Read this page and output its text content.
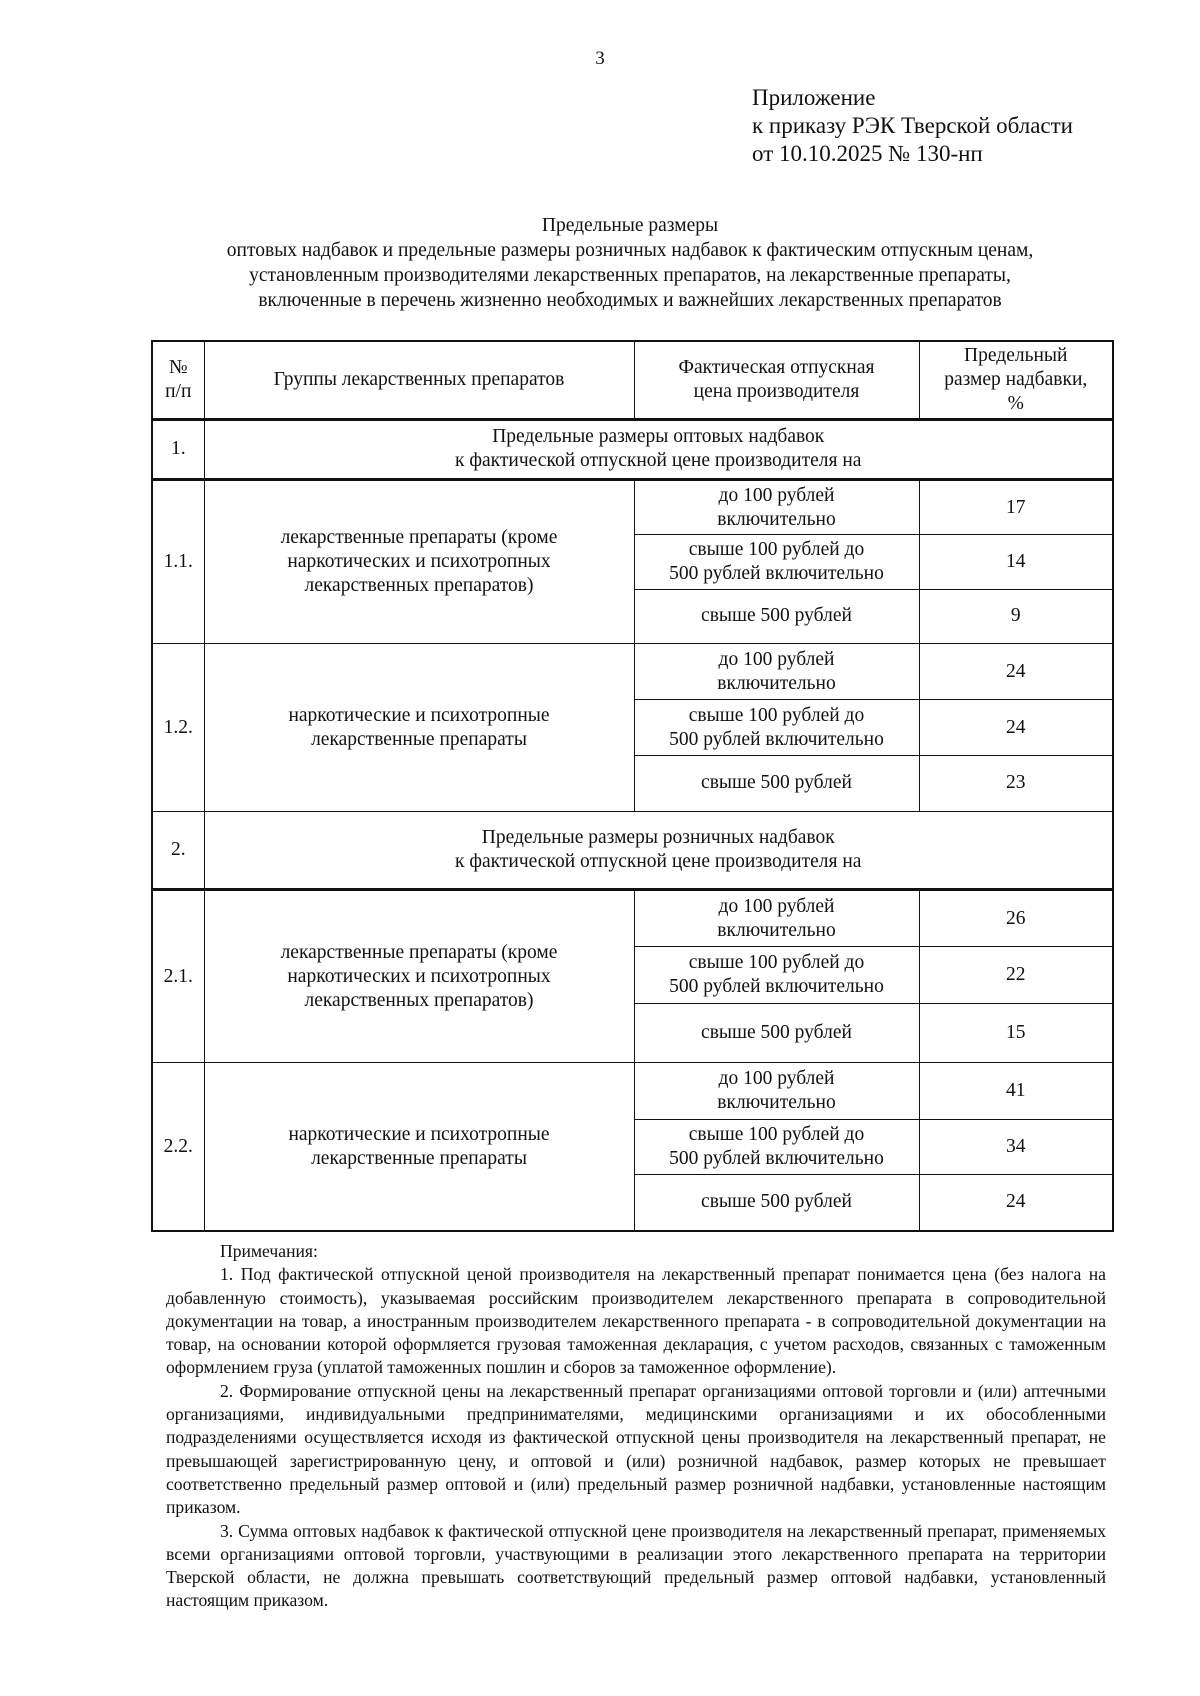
3
Приложение
к приказу РЭК Тверской области
от 10.10.2025 № 130-нп
Предельные размеры
оптовых надбавок и предельные размеры розничных надбавок к фактическим отпускным ценам,
установленным производителями лекарственных препаратов, на лекарственные препараты,
включенные в перечень жизненно необходимых и важнейших лекарственных препаратов
№
п/п	Группы лекарственных препаратов	Фактическая отпускная
цена производителя	Предельный
размер надбавки,
%
1.	Предельные размеры оптовых надбавок
к фактической отпускной цене производителя на		
1.1.	лекарственные препараты (кроме
наркотических и психотропных
лекарственных препаратов)	до 100 рублей
включительно	17
		свыше 100 рублей до
500 рублей включительно	14
		свыше 500 рублей	9
1.2.	наркотические и психотропные
лекарственные препараты	до 100 рублей
включительно	24
		свыше 100 рублей до
500 рублей включительно	24
		свыше 500 рублей	23
2.	Предельные размеры розничных надбавок
к фактической отпускной цене производителя на		
2.1.	лекарственные препараты (кроме
наркотических и психотропных
лекарственных препаратов)	до 100 рублей
включительно	26
		свыше 100 рублей до
500 рублей включительно	22
		свыше 500 рублей	15
2.2.	наркотические и психотропные
лекарственные препараты	до 100 рублей
включительно	41
		свыше 100 рублей до
500 рублей включительно	34
		свыше 500 рублей	24

Примечания:

1. Под фактической отпускной ценой производителя на лекарственный препарат понимается цена (без налога на добавленную стоимость), указываемая российским производителем лекарственного препарата в сопроводительной документации на товар, а иностранным производителем лекарственного препарата - в сопроводительной документации на товар, на основании которой оформляется грузовая таможенная декларация, с учетом расходов, связанных с таможенным оформлением груза (уплатой таможенных пошлин и сборов за таможенное оформление).

2. Формирование отпускной цены на лекарственный препарат организациями оптовой торговли и (или) аптечными организациями, индивидуальными предпринимателями, медицинскими организациями и их обособленными подразделениями осуществляется исходя из фактической отпускной цены производителя на лекарственный препарат, не превышающей зарегистрированную цену, и оптовой и (или) розничной надбавок, размер которых не превышает соответственно предельный размер оптовой и (или) предельный размер розничной надбавки, установленные настоящим приказом.

3. Сумма оптовых надбавок к фактической отпускной цене производителя на лекарственный препарат, применяемых всеми организациями оптовой торговли, участвующими в реализации этого лекарственного препарата на территории Тверской области, не должна превышать соответствующий предельный размер оптовой надбавки, установленный настоящим приказом.
